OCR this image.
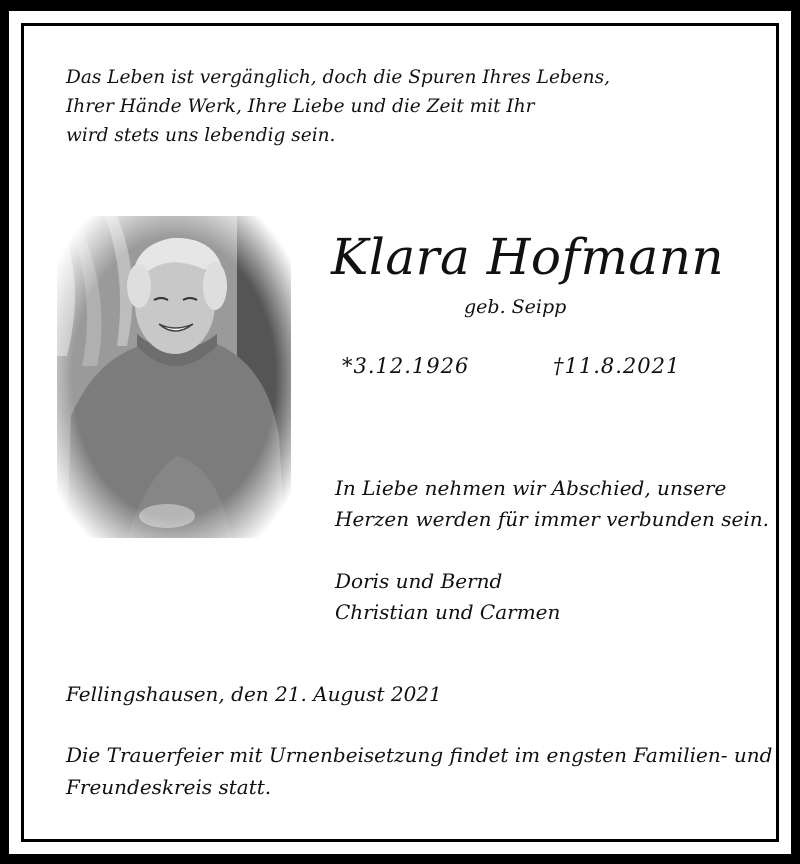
Das Leben ist vergänglich, doch die Spuren Ihres Lebens,
Ihrer Hände Werk, Ihre Liebe und die Zeit mit Ihr
wird stets uns lebendig sein.
Klara Hofmann
geb. Seipp
*3.12.1926	†11.8.2021
In Liebe nehmen wir Abschied, unsere
Herzen werden für immer verbunden sein.
Doris und Bernd
Christian und Carmen
Fellingshausen, den 21. August 2021
Die Trauerfeier mit Urnenbeisetzung findet im engsten Familien- und
Freundeskreis statt.
